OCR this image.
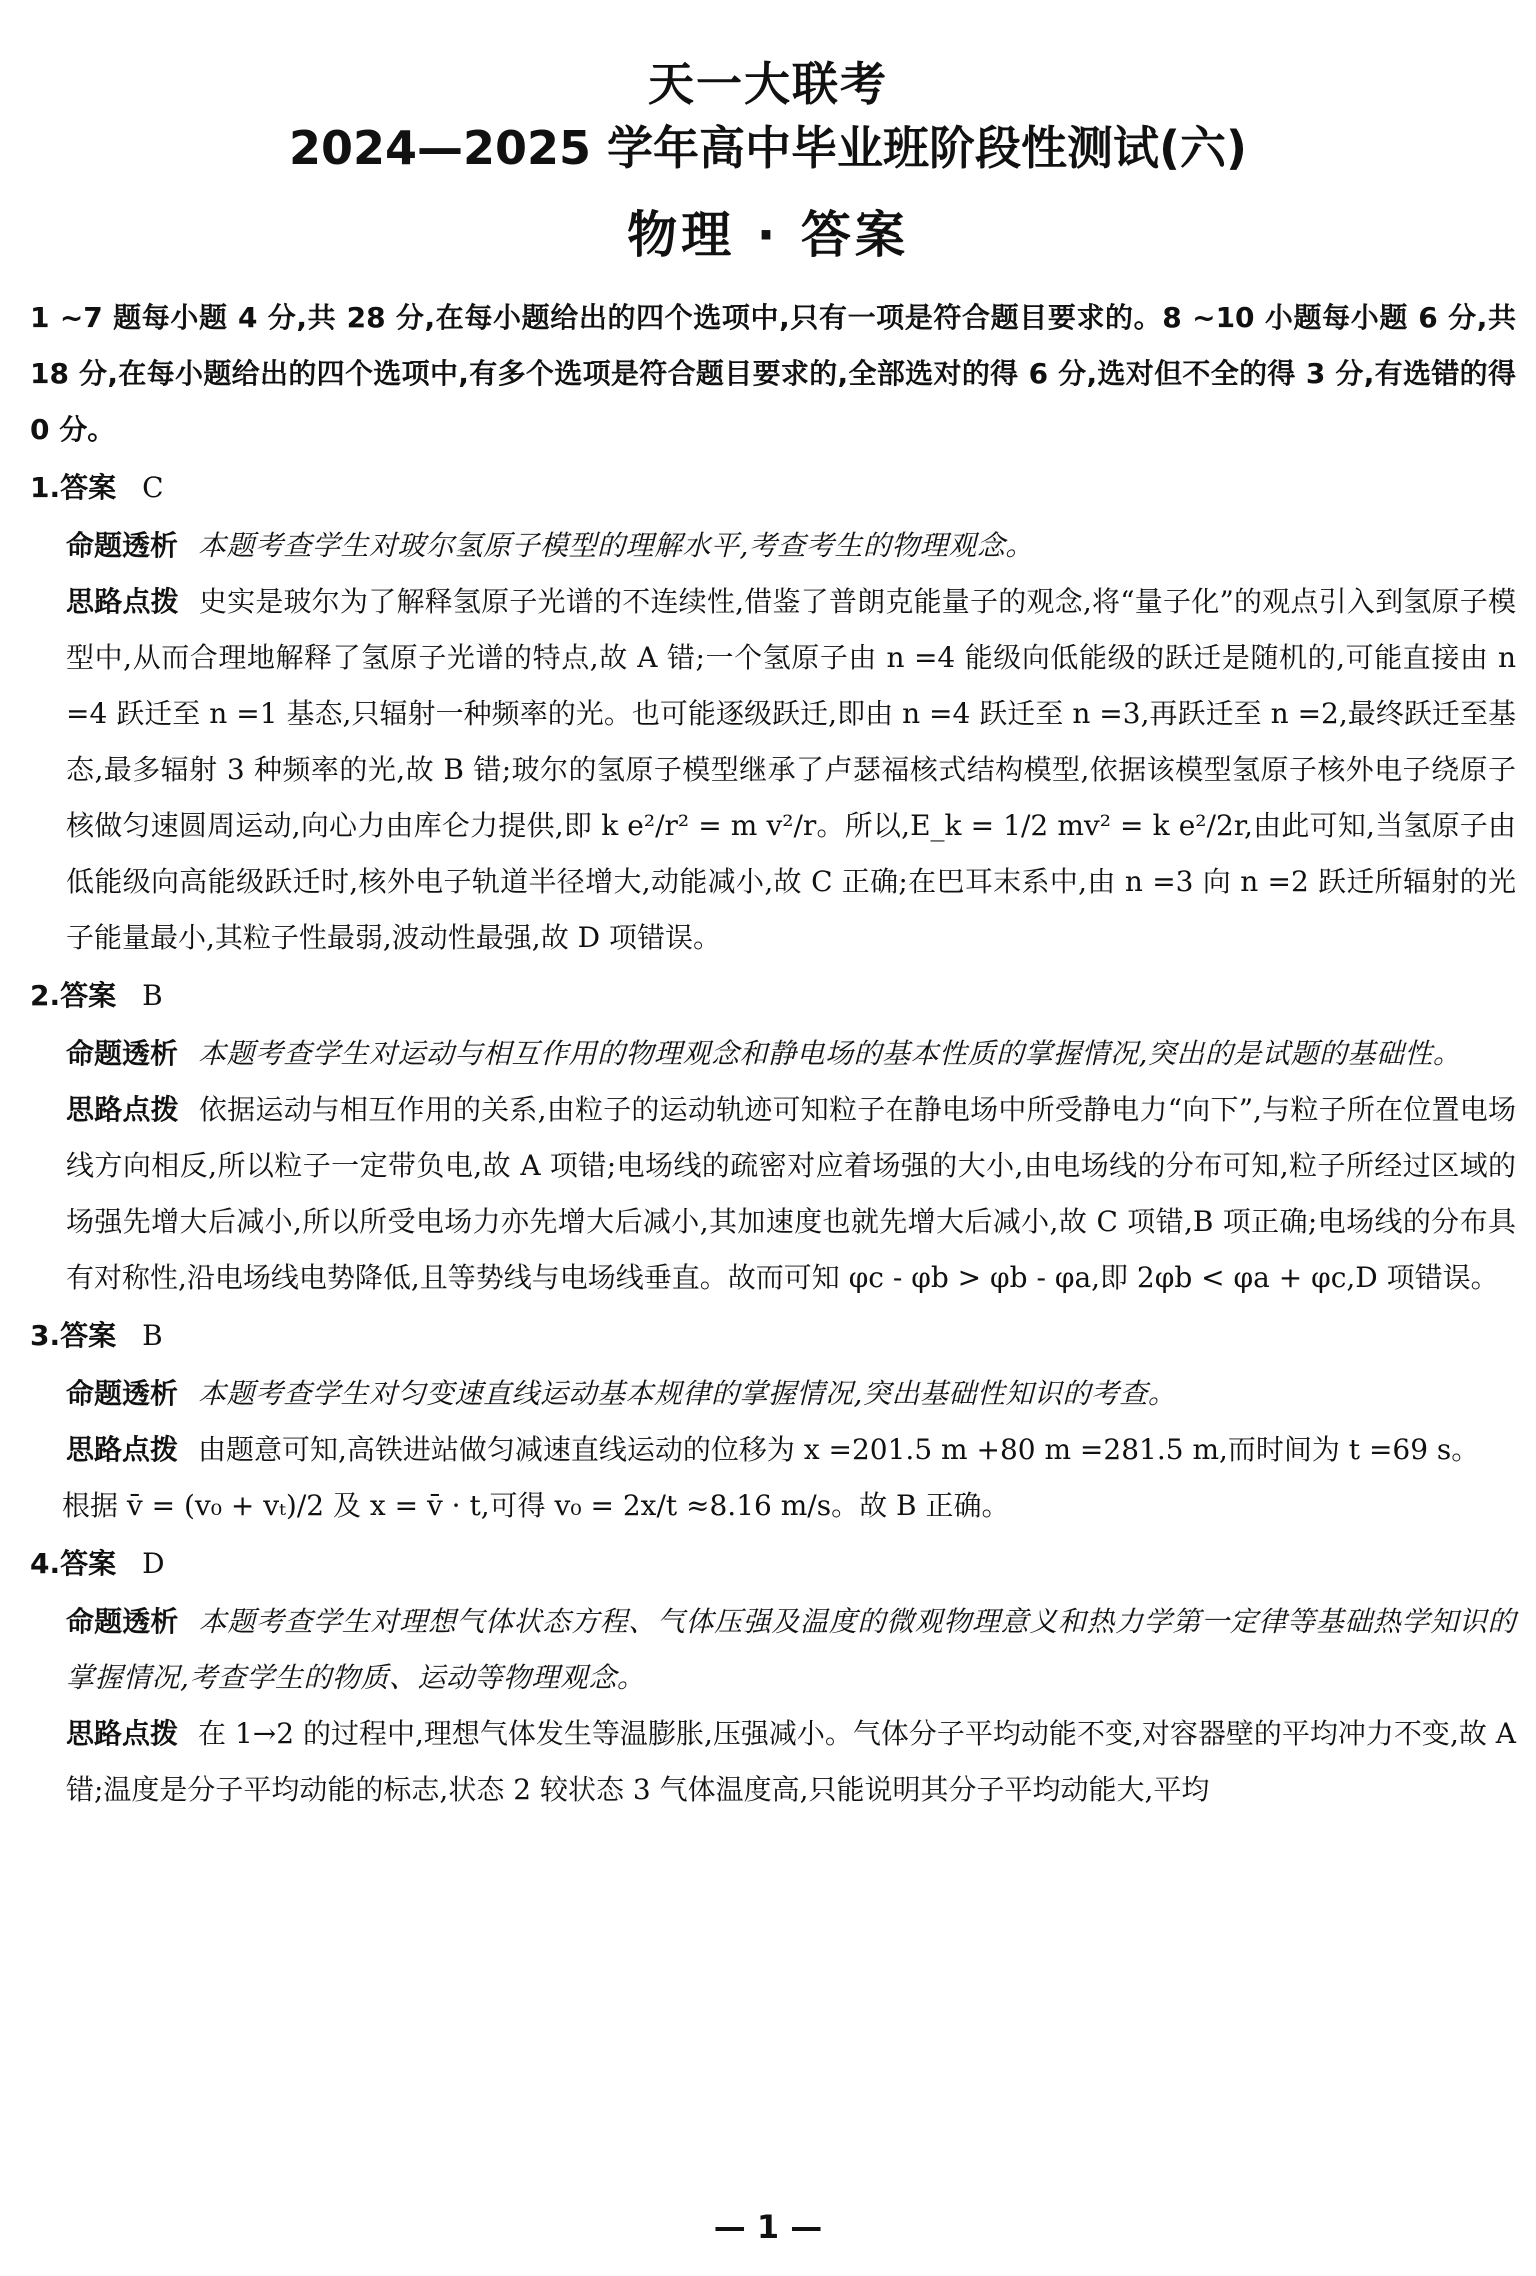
天一大联考
2024—2025 学年高中毕业班阶段性测试(六)
物理 · 答案
1 ~7 题每小题 4 分,共 28 分,在每小题给出的四个选项中,只有一项是符合题目要求的。8 ~10 小题每小题 6 分,共 18 分,在每小题给出的四个选项中,有多个选项是符合题目要求的,全部选对的得 6 分,选对但不全的得 3 分,有选错的得 0 分。
1.答案 C
命题透析 本题考查学生对玻尔氢原子模型的理解水平,考查考生的物理观念。
思路点拨 史实是玻尔为了解释氢原子光谱的不连续性,借鉴了普朗克能量子的观念,将“量子化”的观点引入到氢原子模型中,从而合理地解释了氢原子光谱的特点,故 A 错;一个氢原子由 n =4 能级向低能级的跃迁是随机的,可能直接由 n =4 跃迁至 n =1 基态,只辐射一种频率的光。也可能逐级跃迁,即由 n =4 跃迁至 n =3,再跃迁至 n =2,最终跃迁至基态,最多辐射 3 种频率的光,故 B 错;玻尔的氢原子模型继承了卢瑟福核式结构模型,依据该模型氢原子核外电子绕原子核做匀速圆周运动,向心力由库仑力提供,即 k e²/r² = m v²/r。所以,E_k = 1/2 mv² = k e²/2r,由此可知,当氢原子由低能级向高能级跃迁时,核外电子轨道半径增大,动能减小,故 C 正确;在巴耳末系中,由 n =3 向 n =2 跃迁所辐射的光子能量最小,其粒子性最弱,波动性最强,故 D 项错误。
2.答案 B
命题透析 本题考查学生对运动与相互作用的物理观念和静电场的基本性质的掌握情况,突出的是试题的基础性。
思路点拨 依据运动与相互作用的关系,由粒子的运动轨迹可知粒子在静电场中所受静电力“向下”,与粒子所在位置电场线方向相反,所以粒子一定带负电,故 A 项错;电场线的疏密对应着场强的大小,由电场线的分布可知,粒子所经过区域的场强先增大后减小,所以所受电场力亦先增大后减小,其加速度也就先增大后减小,故 C 项错,B 项正确;电场线的分布具有对称性,沿电场线电势降低,且等势线与电场线垂直。故而可知 φc - φb > φb - φa,即 2φb < φa + φc,D 项错误。
3.答案 B
命题透析 本题考查学生对匀变速直线运动基本规律的掌握情况,突出基础性知识的考查。
思路点拨 由题意可知,高铁进站做匀减速直线运动的位移为 x =201.5 m +80 m =281.5 m,而时间为 t =69 s。
根据 v̄ = (v₀ + vₜ)/2 及 x = v̄ · t,可得 v₀ = 2x/t ≈8.16 m/s。故 B 正确。
4.答案 D
命题透析 本题考查学生对理想气体状态方程、气体压强及温度的微观物理意义和热力学第一定律等基础热学知识的掌握情况,考查学生的物质、运动等物理观念。
思路点拨 在 1→2 的过程中,理想气体发生等温膨胀,压强减小。气体分子平均动能不变,对容器壁的平均冲力不变,故 A 错;温度是分子平均动能的标志,状态 2 较状态 3 气体温度高,只能说明其分子平均动能大,平均
— 1 —
